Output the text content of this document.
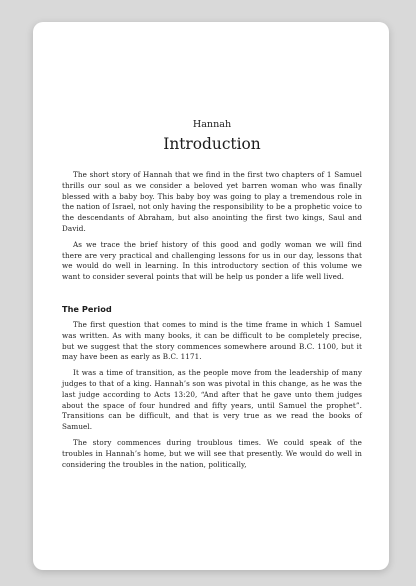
Hannah
Introduction

The short story of Hannah that we find in the first two chapters of 1 Samuel thrills our soul as we consider a beloved yet barren woman who was finally blessed with a baby boy. This baby boy was going to play a tremendous role in the nation of Israel, not only having the responsibility to be a prophetic voice to the descendants of Abraham, but also anointing the first two kings, Saul and David.

As we trace the brief history of this good and godly woman we will find there are very practical and challenging lessons for us in our day, lessons that we would do well in learning. In this introductory section of this volume we want to consider several points that will be help us ponder a life well lived.

The Period

The first question that comes to mind is the time frame in which 1 Samuel was written. As with many books, it can be difficult to be completely precise, but we suggest that the story commences somewhere around B.C. 1100, but it may have been as early as B.C. 1171.

It was a time of transition, as the people move from the leadership of many judges to that of a king. Hannah’s son was pivotal in this change, as he was the last judge according to Acts 13:20, “And after that he gave unto them judges about the space of four hundred and fifty years, until Samuel the prophet”. Transitions can be difficult, and that is very true as we read the books of Samuel.

The story commences during troublous times. We could speak of the troubles in Hannah’s home, but we will see that presently. We would do well in considering the troubles in the nation, politically,
